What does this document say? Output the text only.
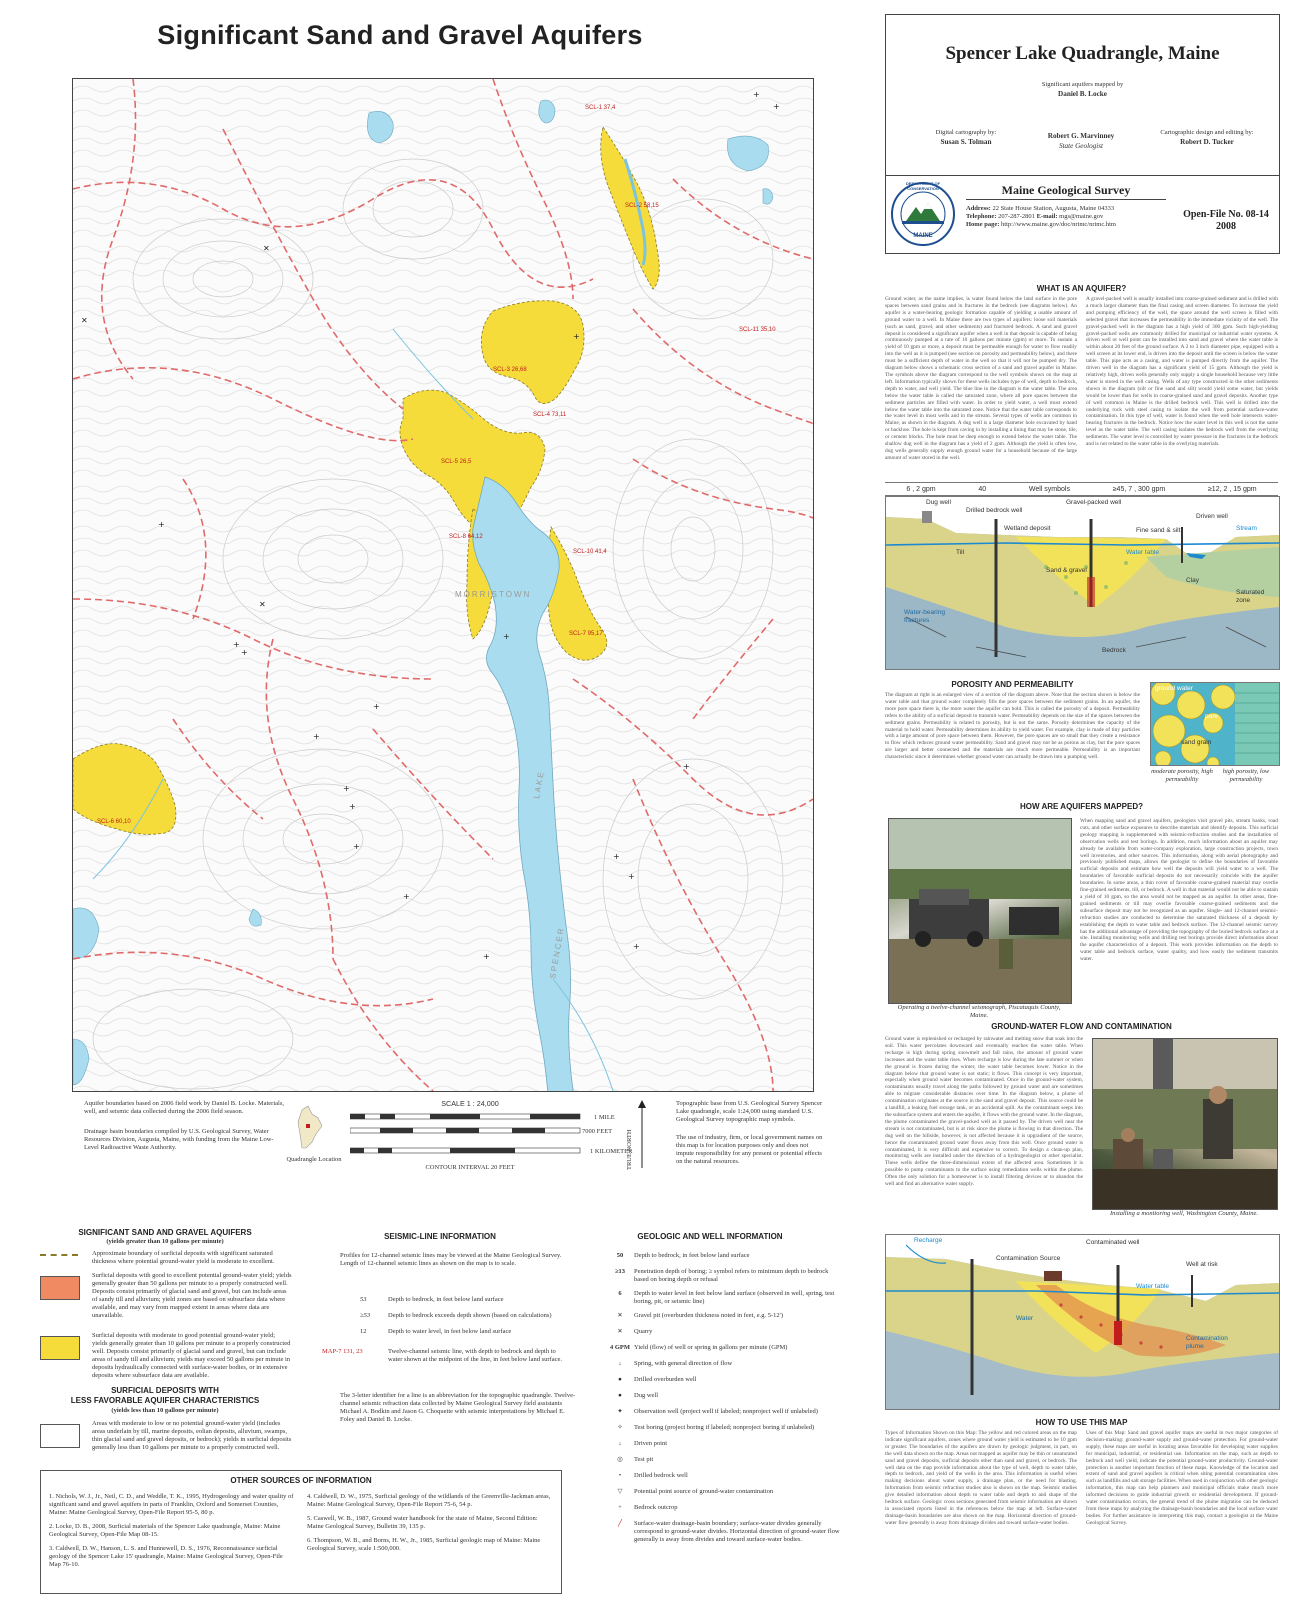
Significant Sand and Gravel Aquifers
✕
✕
✕
+
+
+
+
+
+
+
+
+
+
+
+
+
+
+
+
+
+
SCL-1 37,4
SCL-2 58,15
SCL-11 35,10
SCL-3 26,68
SCL-4 73,11
SCL-5 26,5
SCL-8 64,12
SCL-10 41,4
SCL-7 95,17
SCL-6 60,10
MORRISTOWN
SPENCER
LAKE
Aquifer boundaries based on 2006 field work by Daniel B. Locke. Materials, well, and seismic data collected during the 2006 field season.
Drainage basin boundaries compiled by U.S. Geological Survey, Water Resources Division, Augusta, Maine, with funding from the Maine Low-Level Radioactive Waste Authority.
Quadrangle Location
SCALE 1 : 24,000
1 MILE
7000 FEET
1 KILOMETER
CONTOUR INTERVAL 20 FEET	TRUE NORTH
Topographic base from U.S. Geological Survey Spencer Lake quadrangle, scale 1:24,000 using standard U.S. Geological Survey topographic map symbols.
The use of industry, firm, or local government names on this map is for location purposes only and does not impute responsibility for any present or potential effects on the natural resources.
SIGNIFICANT SAND AND GRAVEL AQUIFERS
(yields greater than 10 gallons per minute)
Approximate boundary of surficial deposits with significant saturated thickness where potential ground-water yield is moderate to excellent.
Surficial deposits with good to excellent potential ground-water yield; yields generally greater than 50 gallons per minute to a properly constructed well. Deposits consist primarily of glacial sand and gravel, but can include areas of sandy till and alluvium; yield zones are based on subsurface data where available, and may vary from mapped extent in areas where data are unavailable.
Surficial deposits with moderate to good potential ground-water yield; yields generally greater than 10 gallons per minute to a properly constructed well. Deposits consist primarily of glacial sand and gravel, but can include areas of sandy till and alluvium; yields may exceed 50 gallons per minute in deposits hydraulically connected with surface-water bodies, or in extensive deposits where subsurface data are available.
SURFICIAL DEPOSITS WITH
LESS FAVORABLE AQUIFER CHARACTERISTICS
(yields less than 10 gallons per minute)
Areas with moderate to low or no potential ground-water yield (includes areas underlain by till, marine deposits, eolian deposits, alluvium, swamps, thin glacial sand and gravel deposits, or bedrock); yields in surficial deposits generally less than 10 gallons per minute to a properly constructed well.
SEISMIC-LINE INFORMATION
Profiles for 12-channel seismic lines may be viewed at the Maine Geological Survey. Length of 12-channel seismic lines as shown on the map is to scale.
53	Depth to bedrock, in feet below land surface
≥53	Depth to bedrock exceeds depth shown (based on calculations)
12	Depth to water level, in feet below land surface
MAP-7 131, 23	Twelve-channel seismic line, with depth to bedrock and depth to water shown at the midpoint of the line, in feet below land surface.
The 3-letter identifier for a line is an abbreviation for the topographic quadrangle. Twelve-channel seismic refraction data collected by Maine Geological Survey field assistants Michael A. Bodkin and Jason G. Choquette with seismic interpretations by Michael E. Foley and Daniel B. Locke.
GEOLOGIC AND WELL INFORMATION
50	Depth to bedrock, in feet below land surface
≥13	Penetration depth of boring; ≥ symbol refers to minimum depth to bedrock based on boring depth or refusal
6	Depth to water level in feet below land surface (observed in well, spring, test boring, pit, or seismic line)
✕	Gravel pit (overburden thickness noted in feet, e.g. 5-12')
✕	Quarry
4 GPM Yield (flow) of well or spring in gallons per minute (GPM)
↓	Spring, with general direction of flow
●	Drilled overburden well
●	Dug well
✦	Observation well (project well if labeled; nonproject well if unlabeled)
✧	Test boring (project boring if labeled; nonproject boring if unlabeled)
↓	Driven point
◎	Test pit
•	Drilled bedrock well
▽	Potential point source of ground-water contamination
+	Bedrock outcrop
╱	Surface-water drainage-basin boundary; surface-water divides generally correspond to ground-water divides. Horizontal direction of ground-water flow generally is away from divides and toward surface-water bodies.
OTHER SOURCES OF INFORMATION
1. Nichols, W. J., Jr., Neil, C. D., and Weddle, T. K., 1995, Hydrogeology and water quality of significant sand and gravel aquifers in parts of Franklin, Oxford and Somerset Counties, Maine: Maine Geological Survey, Open-File Report 95-5, 80 p.
2. Locke, D. B., 2008, Surficial materials of the Spencer Lake quadrangle, Maine: Maine Geological Survey, Open-File Map 08-15.
3. Caldwell, D. W., Hanson, L. S. and Hunnewell, D. S., 1976, Reconnaissance surficial geology of the Spencer Lake 15' quadrangle, Maine: Maine Geological Survey, Open-File Map 76-10.
4. Caldwell, D. W., 1975, Surficial geology of the wildlands of the Greenville-Jackman areas, Maine: Maine Geological Survey, Open-File Report 75-6, 54 p.
5. Caswell, W. B., 1987, Ground water handbook for the state of Maine, Second Edition: Maine Geological Survey, Bulletin 39, 135 p.
6. Thompson, W. B., and Borns, H. W., Jr., 1985, Surficial geologic map of Maine: Maine Geological Survey, scale 1:500,000.
Spencer Lake Quadrangle, Maine
Significant aquifers mapped by
Daniel B. Locke
Digital cartography by:
Susan S. Tolman
Robert G. Marvinney
State Geologist
Cartographic design and editing by:
Robert D. Tucker
DEPARTMENT OF CONSERVATION
MAINE
Maine Geological Survey
Address: 22 State House Station, Augusta, Maine 04333
Telephone: 207-287-2801 E-mail: mgs@maine.gov
Home page: http://www.maine.gov/doc/nrimc/nrimc.htm
Open-File No. 08-14
2008
WHAT IS AN AQUIFER?
Ground water, as the name implies, is water found below the land surface in the pore spaces between sand grains and in fractures in the bedrock (see diagrams below). An aquifer is a water-bearing geologic formation capable of yielding a usable amount of ground water to a well. In Maine there are two types of aquifers: loose soil materials (such as sand, gravel, and other sediments) and fractured bedrock. A sand and gravel deposit is considered a significant aquifer when a well in that deposit is capable of being continuously pumped at a rate of 10 gallons per minute (gpm) or more. To sustain a yield of 10 gpm or more, a deposit must be permeable enough for water to flow readily into the well as it is pumped (see section on porosity and permeability below), and there must be a sufficient depth of water in the well so that it will not be pumped dry. The diagram below shows a schematic cross section of a sand and gravel aquifer in Maine. The symbols above the diagram correspond to the well symbols shown on the map at left. Information typically shown for these wells includes type of well, depth to bedrock, depth to water, and well yield. The blue line in the diagram is the water table. The area below the water table is called the saturated zone, where all pore spaces between the sediment particles are filled with water. In order to yield water, a well must extend below the water table into the saturated zone. Notice that the water table corresponds to the water level in most wells and in the stream. Several types of wells are common in Maine, as shown in the diagram. A dug well is a large diameter hole excavated by hand or backhoe. The hole is kept from caving in by installing a lining that may be stone, tile, or cement blocks. The hole must be deep enough to extend below the water table. The shallow dug well in the diagram has a yield of 2 gpm. Although the yield is often low, dug wells generally supply enough ground water for a household because of the large amount of water stored in the well.
A gravel-packed well is usually installed into coarse-grained sediment and is drilled with a much larger diameter than the final casing and screen diameter. To increase the yield and pumping efficiency of the well, the space around the well screen is filled with selected gravel that increases the permeability in the immediate vicinity of the well. The gravel-packed well in the diagram has a high yield of 300 gpm. Such high-yielding gravel-packed wells are commonly drilled for municipal or industrial water systems. A driven well or well point can be installed into sand and gravel where the water table is within about 20 feet of the ground surface. A 2 to 3 inch diameter pipe, equipped with a well screen at its lower end, is driven into the deposit until the screen is below the water table. This pipe acts as a casing, and water is pumped directly from the aquifer. The driven well in the diagram has a significant yield of 15 gpm. Although the yield is relatively high, driven wells generally only supply a single household because very little water is stored in the well casing. Wells of any type constructed in the other sediments shown in the diagram (silt or fine sand and silt) would yield some water, but yields would be lower than for wells in coarse-grained sand and gravel deposits. Another type of well common in Maine is the drilled bedrock well. This well is drilled into the underlying rock with steel casing to isolate the well from potential surface-water contamination. In this type of well, water is found when the well hole intersects water-bearing fractures in the bedrock. Notice how the water level in this well is not the same level as the water table. The well casing isolates the bedrock well from the overlying sediments. The water level is controlled by water pressure in the fractures in the bedrock and is not related to the water table in the overlying materials.
6 , 2 gpm	40	Well symbols	≥45, 7 , 300 gpm	≥12, 2 , 15 gpm
Dug well
Drilled bedrock well
Gravel-packed well
Wetland deposit	Fine sand & silt
Driven well
Stream
Water table
Sand & gravel
Clay
Saturated zone
Water-bearing fractures
Bedrock
Till
POROSITY AND PERMEABILITY
The diagram at right is an enlarged view of a section of the diagram above. Note that the section shown is below the water table and that ground water completely fills the pore spaces between the sediment grains. In an aquifer, the more pore space there is, the more water the aquifer can hold. This is called the porosity of a deposit. Permeability refers to the ability of a surficial deposit to transmit water. Permeability depends on the size of the spaces between the sediment grains. Permeability is related to porosity, but is not the same. Porosity determines the capacity of the material to hold water. Permeability determines its ability to yield water. For example, clay is made of tiny particles with a large amount of pore space between them. However, the pore spaces are so small that they create a resistance to flow which reduces ground water permeability. Sand and gravel may not be as porous as clay, but the pore spaces are larger and better connected and the materials are much more permeable. Permeability is an important characteristic since it determines whether ground water can actually be drawn into a pumping well.
ground water
pore
sand grain
moderate porosity, high permeability
high porosity, low permeability
HOW ARE AQUIFERS MAPPED?
Operating a twelve-channel seismograph, Piscataquis County, Maine.
When mapping sand and gravel aquifers, geologists visit gravel pits, stream banks, road cuts, and other surface exposures to describe materials and identify deposits. This surficial geology mapping is supplemented with seismic-refraction studies and the installation of observation wells and test borings. In addition, much information about an aquifer may already be available from water-company exploration, large construction projects, town well inventories, and other sources. This information, along with aerial photography and previously published maps, allows the geologist to define the boundaries of favorable surficial deposits and estimate how well the deposits will yield water to a well. The boundaries of favorable surficial deposits do not necessarily coincide with the aquifer boundaries. In some areas, a thin cover of favorable coarse-grained material may overlie fine-grained sediments, till, or bedrock. A well in that material would not be able to sustain a yield of 10 gpm, so the area would not be mapped as an aquifer. In other areas, fine-grained sediments or till may overlie favorable coarse-grained sediments and the subsurface deposit may not be recognized as an aquifer. Single- and 12-channel seismic-refraction studies are conducted to determine the saturated thickness of a deposit by establishing the depth to water table and bedrock surface. The 12-channel seismic survey has the additional advantage of providing the topography of the buried bedrock surface at a site. Installing monitoring wells and drilling test borings provide direct information about the aquifer characteristics of a deposit. This work provides information on the depth to water table and bedrock surface, water quality, and how easily the sediment transmits water.
GROUND-WATER FLOW AND CONTAMINATION
Ground water is replenished or recharged by rainwater and melting snow that soak into the soil. This water percolates downward and eventually reaches the water table. When recharge is high during spring snowmelt and fall rains, the amount of ground water increases and the water table rises. When recharge is low during the late summer or when the ground is frozen during the winter, the water table becomes lower. Notice in the diagram below that ground water is not static; it flows. This concept is very important, especially when ground water becomes contaminated. Once in the ground-water system, contaminants usually travel along the paths followed by ground water and are sometimes able to migrate considerable distances over time. In the diagram below, a plume of contamination originates at the source in the sand and gravel deposit. This source could be a landfill, a leaking fuel storage tank, or an accidental spill. As the contaminant seeps into the subsurface system and enters the aquifer, it flows with the ground water. In the diagram, the plume contaminated the gravel-packed well as it passed by. The driven well near the stream is not contaminated, but is at risk since the plume is flowing in that direction. The dug well on the hillside, however, is not affected because it is upgradient of the source, hence the contaminated ground water flows away from this well. Once ground water is contaminated, it is very difficult and expensive to correct. To design a clean-up plan, monitoring wells are installed under the direction of a hydrogeologist or other specialist. These wells define the three-dimensional extent of the affected area. Sometimes it is possible to pump contaminants to the surface using remediation wells within the plume. Often the only solution for a homeowner is to install filtering devices or to abandon the well and find an alternative water supply.
Installing a monitoring well, Washington County, Maine.
Recharge
Contamination Source
Contaminated well
Well at risk
Water table
Contamination plume
Water
HOW TO USE THIS MAP
Types of Information Shown on this Map: The yellow and red colored areas on the map indicate significant aquifers, zones where ground water yield is estimated to be 10 gpm or greater. The boundaries of the aquifers are drawn by geologic judgment, in part, on the well data shown on the map. Areas not mapped as aquifer may be thin or unsaturated sand and gravel deposits, surficial deposits other than sand and gravel, or bedrock. The well data on the map provide information about the type of well, depth to water table, depth to bedrock, and yield of the wells in the area. This information is useful when making decisions about water supply, a drainage plan, or the need for blasting. Information from seismic refraction studies also is shown on the map. Seismic studies give detailed information about depth to water table and depth to and shape of the bedrock surface. Geologic cross sections generated from seismic information are shown in associated reports listed in the references below the map at left. Surface-water drainage-basin boundaries are also shown on the map. Horizontal direction of ground-water flow generally is away from drainage divides and toward surface-water bodies.
Uses of this Map: Sand and gravel aquifer maps are useful in two major categories of decision-making: ground-water supply and ground-water protection. For ground-water supply, these maps are useful in locating areas favorable for developing water supplies for municipal, industrial, or residential use. Information on the map, such as depth to bedrock and well yield, indicate the potential ground-water productivity. Ground-water protection is another important function of these maps. Knowledge of the location and extent of sand and gravel aquifers is critical when siting potential contamination sites such as landfills and salt storage facilities. When used in conjunction with other geologic information, this map can help planners and municipal officials make much more informed decisions to guide industrial growth or residential development. If ground-water contamination occurs, the general trend of the plume migration can be deduced from these maps by analyzing the drainage-basin boundaries and the local surface water bodies. For further assistance in interpreting this map, contact a geologist at the Maine Geological Survey.
